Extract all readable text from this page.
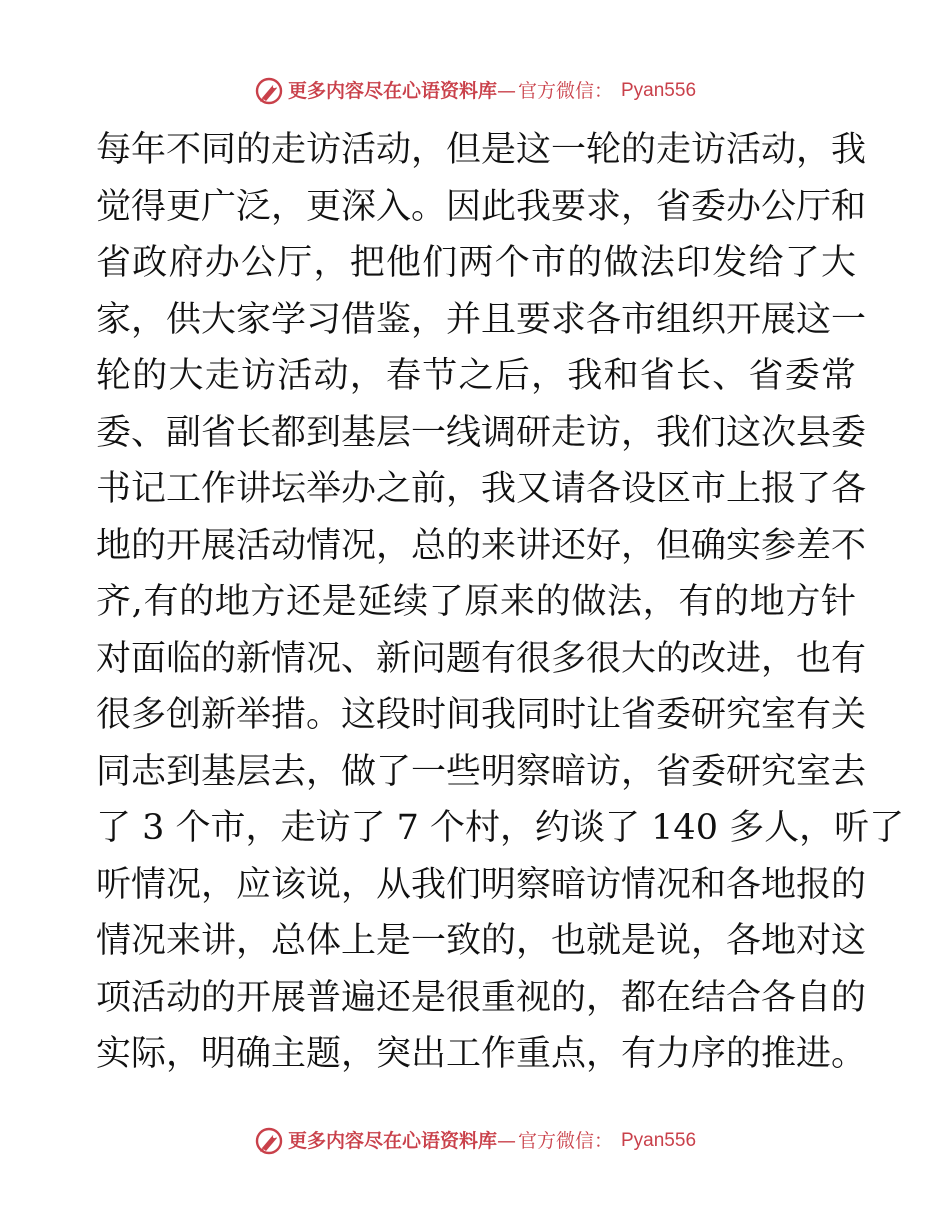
更多内容尽在心语资料库 — 官方微信： Pyan556
每年不同的走访活动，但是这一轮的走访活动，我
觉得更广泛，更深入。因此我要求，省委办公厅和
省政府办公厅，把他们两个市的做法印发给了大
家，供大家学习借鉴，并且要求各市组织开展这一
轮的大走访活动，春节之后，我和省长、省委常
委、副省长都到基层一线调研走访，我们这次县委
书记工作讲坛举办之前，我又请各设区市上报了各
地的开展活动情况，总的来讲还好，但确实参差不
齐,有的地方还是延续了原来的做法，有的地方针
对面临的新情况、新问题有很多很大的改进，也有
很多创新举措。这段时间我同时让省委研究室有关
同志到基层去，做了一些明察暗访，省委研究室去
了 3 个市，走访了 7 个村，约谈了 140 多人，听了
听情况，应该说，从我们明察暗访情况和各地报的
情况来讲，总体上是一致的，也就是说，各地对这
项活动的开展普遍还是很重视的，都在结合各自的
实际，明确主题，突出工作重点，有力序的推进。
更多内容尽在心语资料库 — 官方微信： Pyan556
